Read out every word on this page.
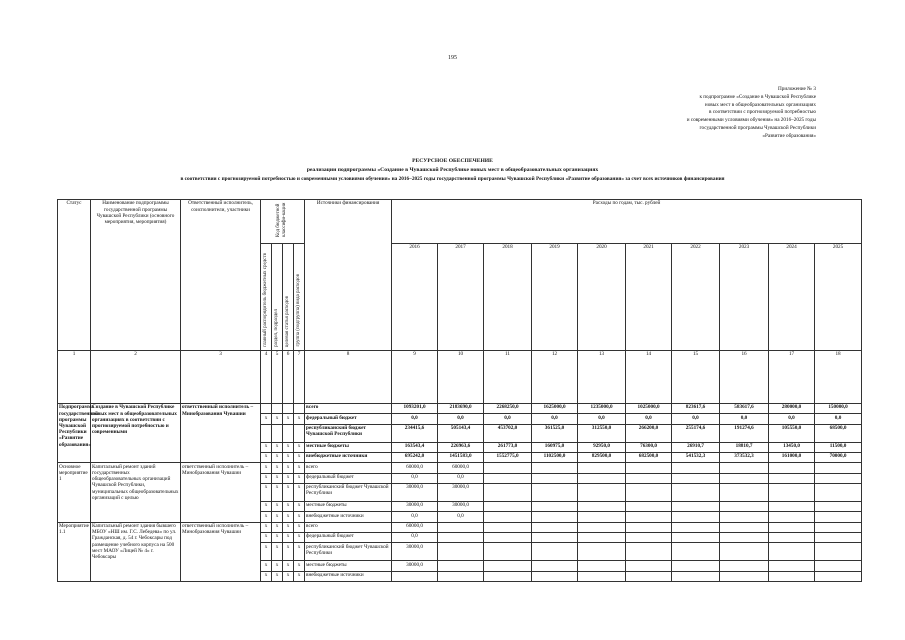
195
Приложение № 3
к подпрограмме «Создание в Чувашской Республике
новых мест в общеобразовательных организациях
в соответствии с прогнозируемой потребностью
и современными условиями обучения» на 2016–2025 годы
государственной программы Чувашской Республики
«Развитие образования»
РЕСУРСНОЕ ОБЕСПЕЧЕНИЕ
реализации подпрограммы «Создание в Чувашской Республике новых мест в общеобразовательных организациях
в соответствии с прогнозируемой потребностью и современными условиями обучения» на 2016–2025 годы государственной программы Чувашской Республики «Развитие образования» за счет всех источников финансирования
Статус	Наименование подпрограммы государственной программы Чувашской Республики (основного мероприятия, мероприятия)	Ответственный исполнитель, соисполнители, участники	Код бюджетной классифи-кации				Источники финансирования	Расходы по годам, тыс. рублей									
			главный распорядитель бюджетных средств	раздел, подраздел	целевая статья расходов	группа (подгруппа) вида расходов		2016	2017	2018	2019	2020	2021	2022	2023	2024	2025
1	2	3	4	5	6	7	8	9	10	11	12	13	14	15	16	17	18
Подпрограмма государственной программы Чувашской Республики «Развитие образования»	Создание в Чувашской Республике новых мест в общеобразовательных организациях в соответствии с прогнозируемой потребностью и современными	ответственный исполнитель – Минобразования Чувашии					всего	1093201,0	2183690,0	2268250,0	1625000,0	1235000,0	1025000,0	823617,6	583617,6	280000,0	150000,0
			x	x	x	x	федеральный бюджет	0,0	0,0	0,0	0,0	0,0	0,0	0,0	0,0	0,0	0,0
							республиканский бюджет Чувашской Республики	234415,6	505143,4	453702,0	361525,0	312550,0	266200,0	255174,6	191274,6	105550,0	68500,0
			x	x	x	x	местные бюджеты	163543,4	226963,6	261773,0	160975,0	92950,0	76300,0	26910,7	18810,7	13450,0	11500,0
			x	x	x	x	внебюджетные источники	695242,0	1451583,0	1552775,0	1102500,0	829500,0	682500,0	541532,3	373532,3	161000,0	70000,0
Основное мероприятие 1	Капитальный ремонт зданий государственных общеобразовательных организаций Чувашской Республики, муниципальных общеобразовательных организаций с целью	ответственный исполнитель – Минобразования Чувашии	x	x	x	x	всего	60000,0	60000,0								
			x	x	x	x	федеральный бюджет	0,0	0,0								
			x	x	x	x	республиканский бюджет Чувашской Республики	30000,0	30000,0								
			x	x	x	x	местные бюджеты	30000,0	30000,0								
			x	x	x	x	внебюджетные источники	0,0	0,0								
Мероприятие 1.1	Капитальный ремонт здания бывшего МБОУ «НШ им. Г.С. Лебедева» по ул. Гражданская, д. 54 г. Чебоксары под размещение учебного корпуса на 500 мест МАОУ «Лицей № 4» г. Чебоксары	ответственный исполнитель – Минобразования Чувашии	x	x	x	x	всего	60000,0									
			x	x	x	x	федеральный бюджет	0,0									
			x	x	x	x	республиканский бюджет Чувашской Республики	30000,0									
			x	x	x	x	местные бюджеты	30000,0									
			x	x	x	x	внебюджетные источники										
